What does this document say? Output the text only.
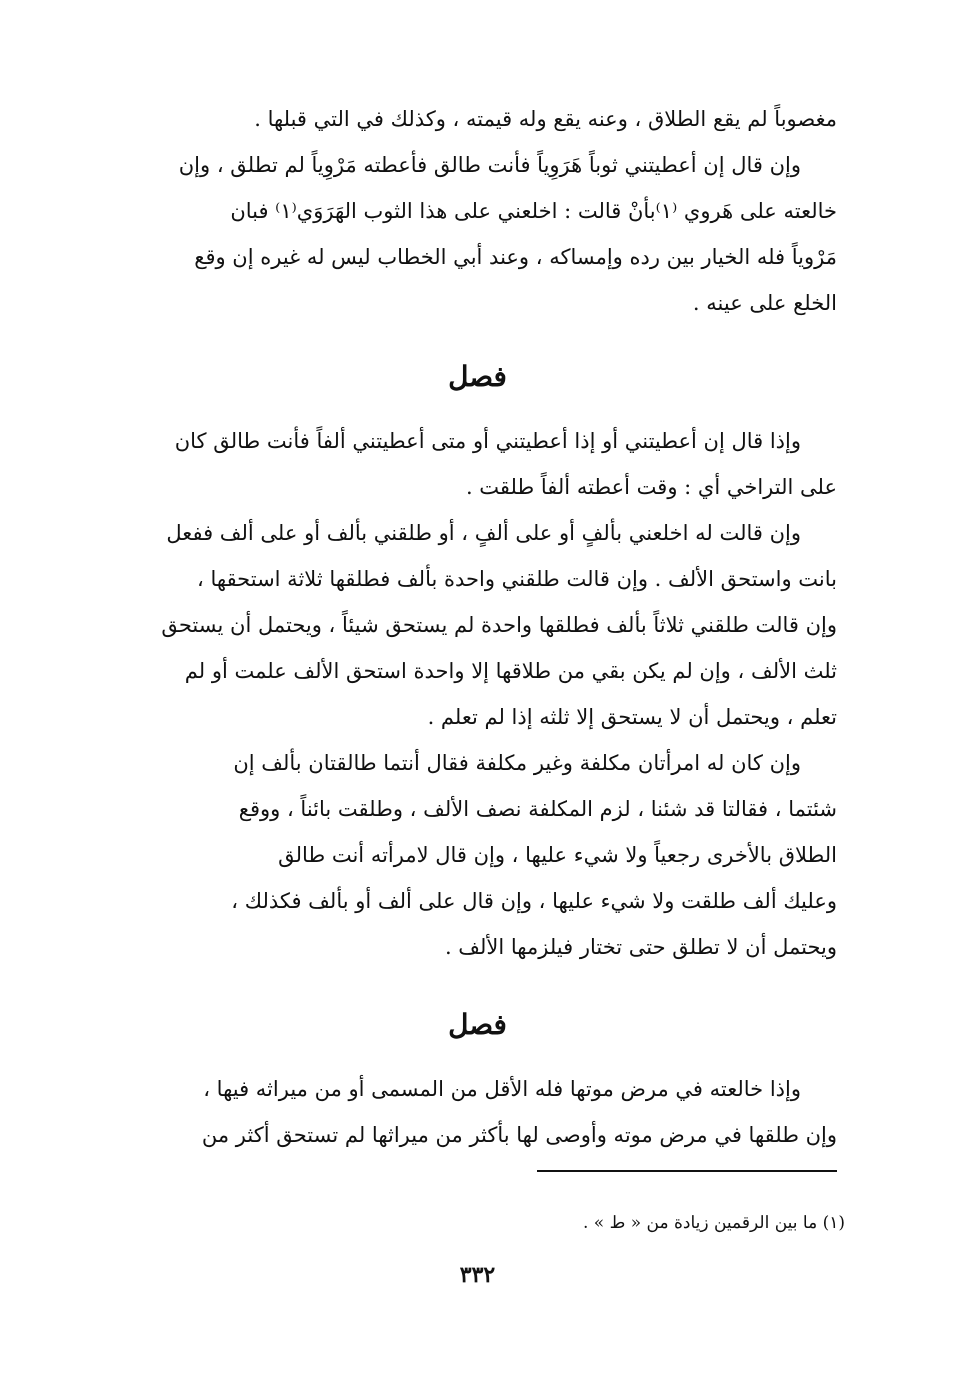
مغصوباً لم يقع الطلاق ، وعنه يقع وله قيمته ، وكذلك في التي قبلها .
وإن قال إن أعطيتني ثوباً هَرَوِياً فأنت طالق فأعطته مَرْوِياً لم تطلق ، وإن
خالعته على هَروي ⁽١⁾بأنْ قالت : اخلعني على هذا الثوب الهَرَوَي⁽١⁾ فبان
مَرْوياً فله الخيار بين رده وإمساكه ، وعند أبي الخطاب ليس له غيره إن وقع
الخلع على عينه .
فصل
وإذا قال إن أعطيتني أو إذا أعطيتني أو متى أعطيتني ألفاً فأنت طالق كان
على التراخي أي : وقت أعطته ألفاً طلقت .
وإن قالت له اخلعني بألفٍ أو على ألفٍ ، أو طلقني بألف أو على ألف ففعل
بانت واستحق الألف . وإن قالت طلقني واحدة بألف فطلقها ثلاثة استحقها ،
وإن قالت طلقني ثلاثاً بألف فطلقها واحدة لم يستحق شيئاً ، ويحتمل أن يستحق
ثلث الألف ، وإن لم يكن بقي من طلاقها إلا واحدة استحق الألف علمت أو لم
تعلم ، ويحتمل أن لا يستحق إلا ثلثه إذا لم تعلم .
وإن كان له امرأتان مكلفة وغير مكلفة فقال أنتما طالقتان بألف إن
شئتما ، فقالتا قد شئنا ، لزم المكلفة نصف الألف ، وطلقت بائناً ، ووقع
الطلاق بالأخرى رجعياً ولا شيء عليها ، وإن قال لامرأته أنت طالق
وعليك ألف طلقت ولا شيء عليها ، وإن قال على ألف أو بألف فكذلك ،
ويحتمل أن لا تطلق حتى تختار فيلزمها الألف .
فصل
وإذا خالعته في مرض موتها فله الأقل من المسمى أو من ميراثه فيها ،
وإن طلقها في مرض موته وأوصى لها بأكثر من ميراثها لم تستحق أكثر من
(١) ما بين الرقمين زيادة من « ط » .
٣٣٢
